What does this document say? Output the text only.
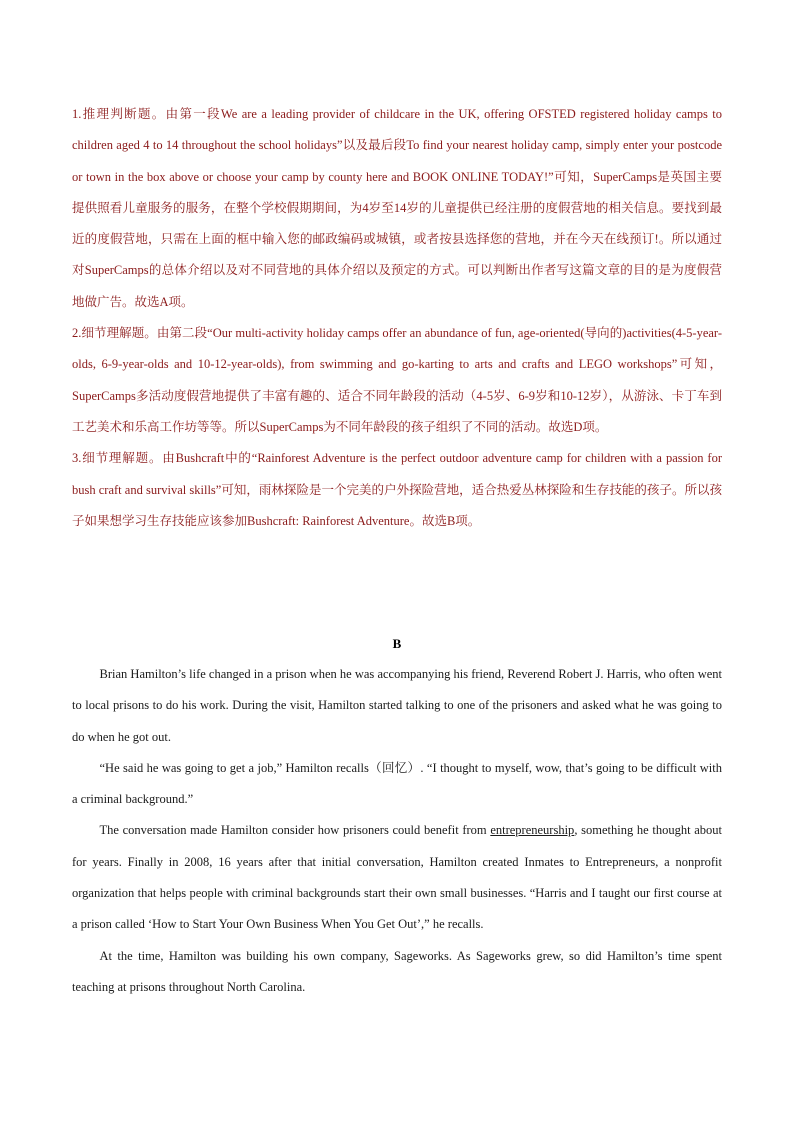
1.推理判断题。由第一段We are a leading provider of childcare in the UK, offering OFSTED registered holiday camps to children aged 4 to 14 throughout the school holidays”以及最后段To find your nearest holiday camp, simply enter your postcode or town in the box above or choose your camp by county here and BOOK ONLINE TODAY!”可知，SuperCamps是英国主要提供照看儿童服务的服务，在整个学校假期期间，为4岁至14岁的儿童提供已经注册的度假营地的相关信息。要找到最近的度假营地，只需在上面的框中输入您的邮政编码或城镇，或者按县选择您的营地，并在今天在线预订!。所以通过对SuperCamps的总体介绍以及对不同营地的具体介绍以及预定的方式。可以判断出作者写这篇文章的目的是为度假营地做广告。故选A项。

2.细节理解题。由第二段“Our multi-activity holiday camps offer an abundance of fun, age-oriented(导向的)activities(4-5-year-olds, 6-9-year-olds and 10-12-year-olds), from swimming and go-karting to arts and crafts and LEGO workshops”可知，SuperCamps多活动度假营地提供了丰富有趣的、适合不同年龄段的活动（4-5岁、6-9岁和10-12岁），从游泳、卡丁车到工艺美术和乐高工作坊等等。所以SuperCamps为不同年龄段的孩子组织了不同的活动。故选D项。

3.细节理解题。由Bushcraft中的“Rainforest Adventure is the perfect outdoor adventure camp for children with a passion for bush craft and survival skills”可知，雨林探险是一个完美的户外探险营地，适合热爱丛林探险和生存技能的孩子。所以孩子如果想学习生存技能应该参加Bushcraft: Rainforest Adventure。故选B项。

B

Brian Hamilton’s life changed in a prison when he was accompanying his friend, Reverend Robert J. Harris, who often went to local prisons to do his work. During the visit, Hamilton started talking to one of the prisoners and asked what he was going to do when he got out.

“He said he was going to get a job,” Hamilton recalls（回忆）. “I thought to myself, wow, that’s going to be difficult with a criminal background.”

The conversation made Hamilton consider how prisoners could benefit from entrepreneurship, something he thought about for years. Finally in 2008, 16 years after that initial conversation, Hamilton created Inmates to Entrepreneurs, a nonprofit organization that helps people with criminal backgrounds start their own small businesses. “Harris and I taught our first course at a prison called ‘How to Start Your Own Business When You Get Out’,” he recalls.

At the time, Hamilton was building his own company, Sageworks. As Sageworks grew, so did Hamilton’s time spent teaching at prisons throughout North Carolina.
